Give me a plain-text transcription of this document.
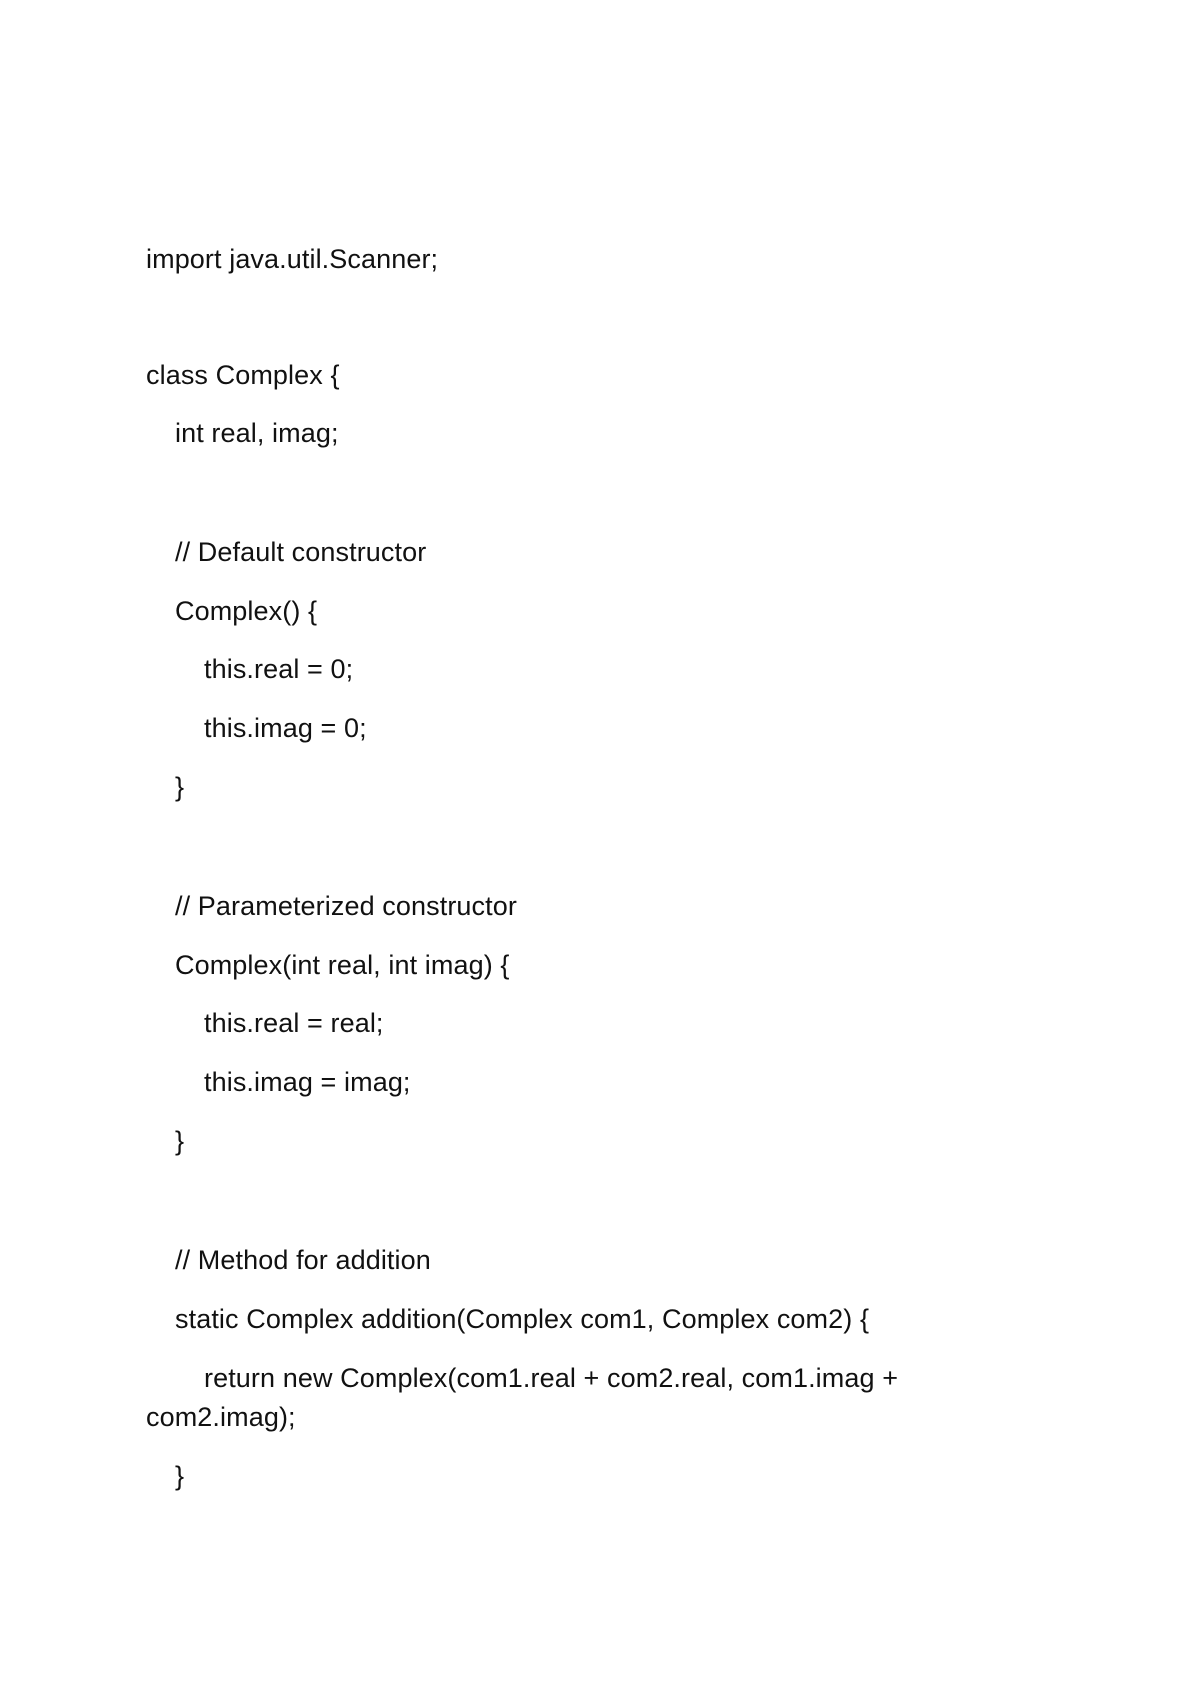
import java.util.Scanner;
class Complex {
int real, imag;
// Default constructor
Complex() {
this.real = 0;
this.imag = 0;
}
// Parameterized constructor
Complex(int real, int imag) {
this.real = real;
this.imag = imag;
}
// Method for addition
static Complex addition(Complex com1, Complex com2) {
return new Complex(com1.real + com2.real, com1.imag +
com2.imag);
}
